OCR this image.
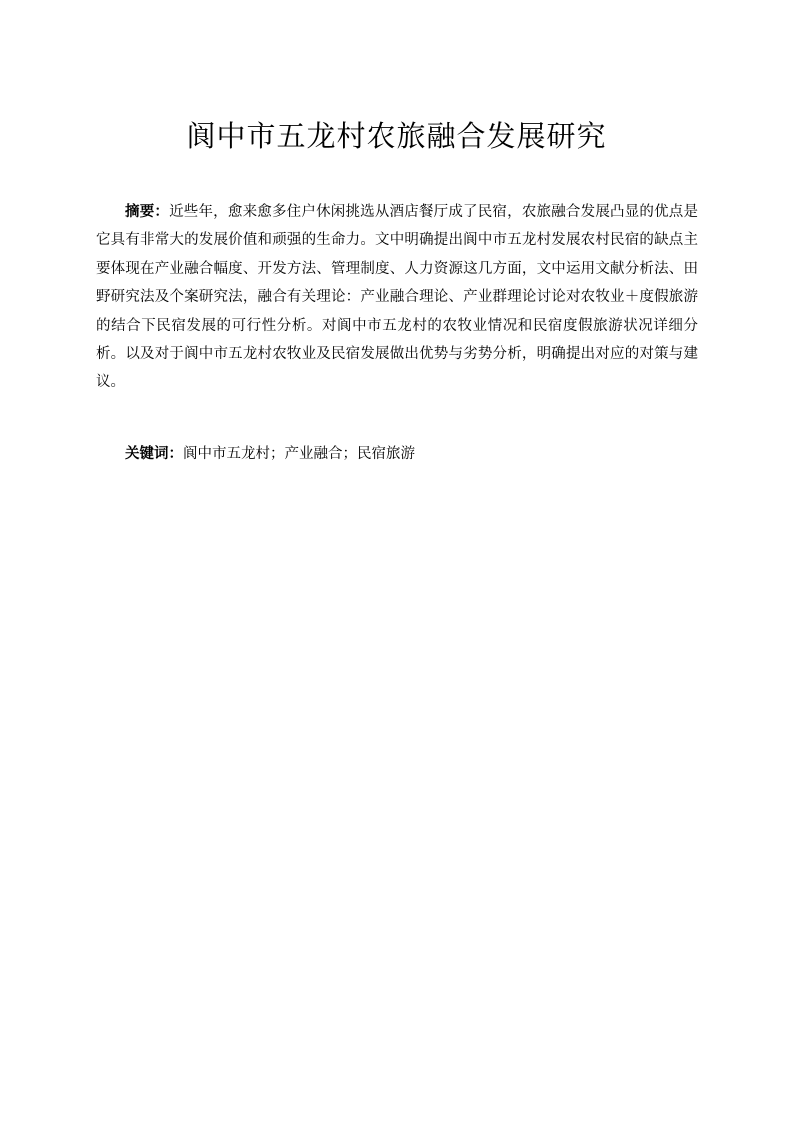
阆中市五龙村农旅融合发展研究

摘要：近些年，愈来愈多住户休闲挑选从酒店餐厅成了民宿，农旅融合发展凸显的优点是它具有非常大的发展价值和顽强的生命力。文中明确提出阆中市五龙村发展农村民宿的缺点主要体现在产业融合幅度、开发方法、管理制度、人力资源这几方面，文中运用文献分析法、田野研究法及个案研究法，融合有关理论：产业融合理论、产业群理论讨论对农牧业＋度假旅游的结合下民宿发展的可行性分析。对阆中市五龙村的农牧业情况和民宿度假旅游状况详细分析。以及对于阆中市五龙村农牧业及民宿发展做出优势与劣势分析，明确提出对应的对策与建议。

关键词：阆中市五龙村；产业融合；民宿旅游
